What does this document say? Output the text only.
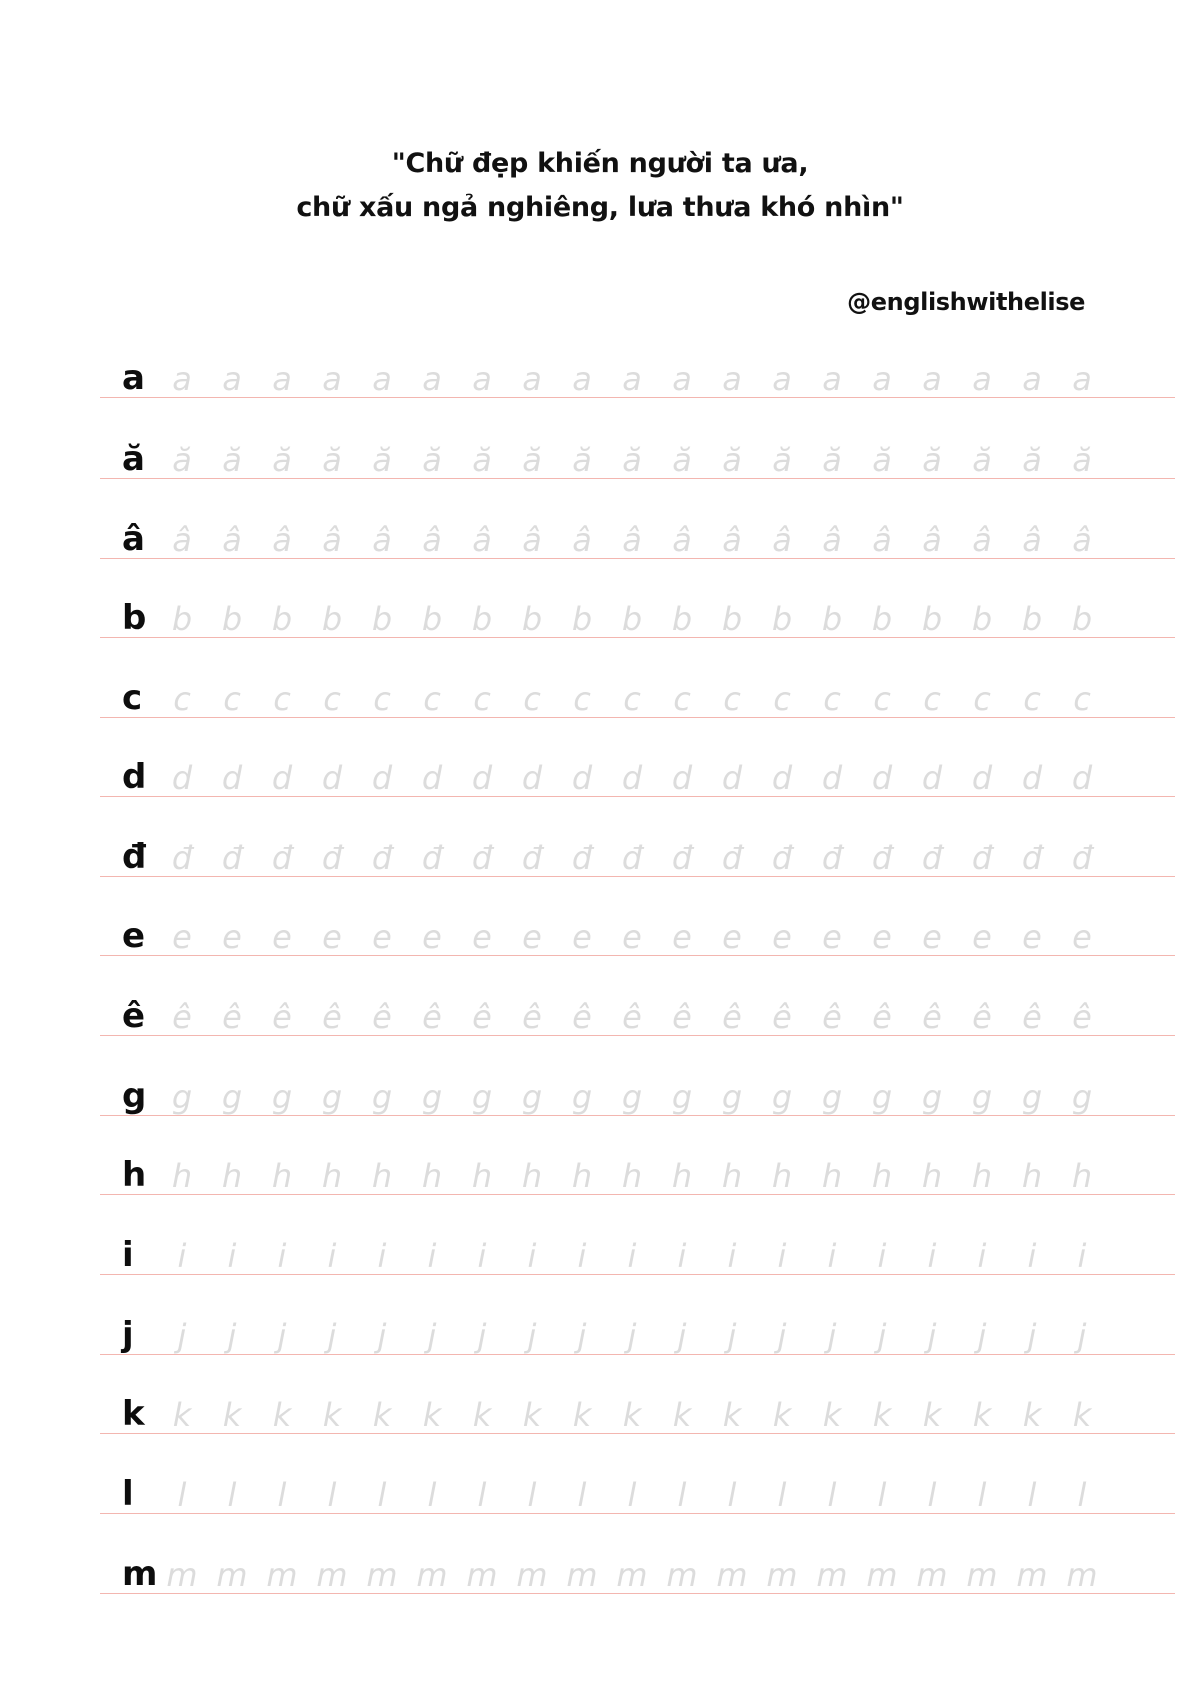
"Chữ đẹp khiến người ta ưa,
chữ xấu ngả nghiêng, lưa thưa khó nhìn"
@englishwithelise
a a a a a a a a a a a a a a a a a a a a
ă ă ă ă ă ă ă ă ă ă ă ă ă ă ă ă ă ă ă ă
â â â â â â â â â â â â â â â â â â â â
b b b b b b b b b b b b b b b b b b b b
c c	c	c	c	c	c	c	c	c	c	c	c	c	c	c	c	c	c	c
d d d d d d d d d d d d d d d d d d d d
đ đ đ đ đ đ đ đ đ đ đ đ đ đ đ đ đ đ đ đ
e e e e e e e e e e e e e e e e e e e e
ê ê ê ê ê ê ê ê ê ê ê ê ê ê ê ê ê ê ê ê
g g g g g g g g g g g g g g g g g g g g
h h h h h h h h h h h h h h h h h h h h
i	i	i	i	i	i	i	i	i	i	i	i	i	i	i	i	i	i	i	i
j	j	j	j	j	j	j	j	j	j	j	j	j	j	j	j	j	j	j	j
k k k k k k k k k k k k k k k k k k k k
l	l	l	l	l	l	l	l	l	l	l	l	l	l	l	l	l	l	l	l
m m m m m m m m m m m m m m m m m m m m
